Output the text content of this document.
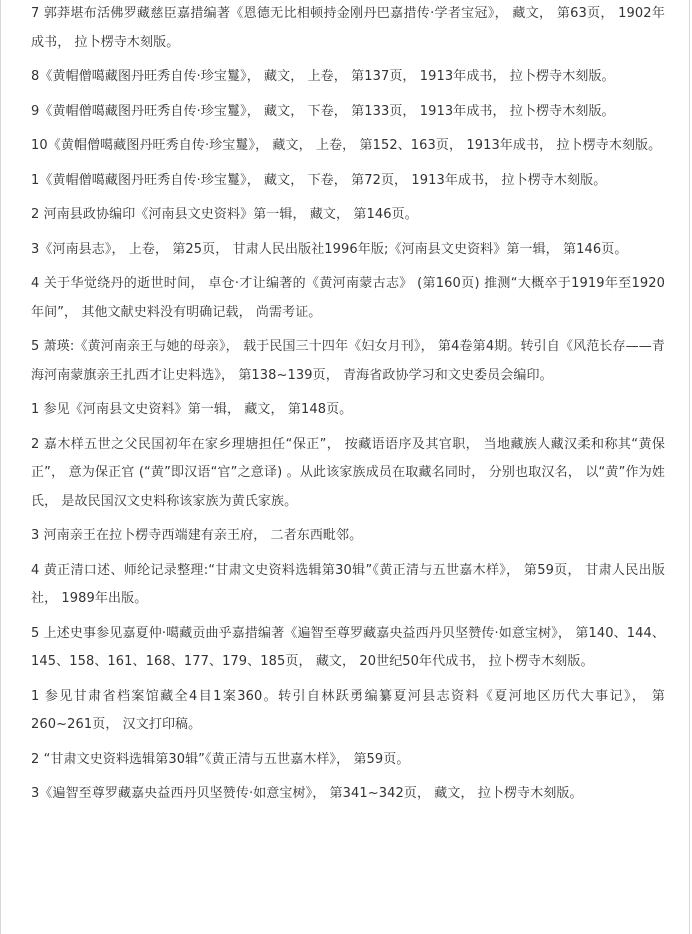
7 郭莽堪布活佛罗藏慈臣嘉措编著《恩德无比相顿持金刚丹巴嘉措传·学者宝冠》， 藏文， 第63页， 1902年成书， 拉卜楞寺木刻版。

8《黄帽僧噶藏图丹旺秀自传·珍宝鬘》， 藏文， 上卷， 第137页， 1913年成书， 拉卜楞寺木刻版。

9《黄帽僧噶藏图丹旺秀自传·珍宝鬘》， 藏文， 下卷， 第133页， 1913年成书， 拉卜楞寺木刻版。

10《黄帽僧噶藏图丹旺秀自传·珍宝鬘》， 藏文， 上卷， 第152、163页， 1913年成书， 拉卜楞寺木刻版。

1《黄帽僧噶藏图丹旺秀自传·珍宝鬘》， 藏文， 下卷， 第72页， 1913年成书， 拉卜楞寺木刻版。

2 河南县政协编印《河南县文史资料》第一辑， 藏文， 第146页。

3《河南县志》， 上卷， 第25页， 甘肃人民出版社1996年版;《河南县文史资料》第一辑， 第146页。

4 关于华觉绕丹的逝世时间， 卓仓·才让编著的《黄河南蒙古志》 (第160页) 推测“大概卒于1919年至1920年间”， 其他文献史料没有明确记载， 尚需考证。

5 萧瑛:《黄河南亲王与她的母亲》， 载于民国三十四年《妇女月刊》， 第4卷第4期。转引自《风范长存——青海河南蒙旗亲王扎西才让史料选》， 第138~139页， 青海省政协学习和文史委员会编印。

1 参见《河南县文史资料》第一辑， 藏文， 第148页。

2 嘉木样五世之父民国初年在家乡理塘担任“保正”， 按藏语语序及其官职， 当地藏族人藏汉柔和称其“黄保正”， 意为保正官 (“黄”即汉语“官”之意译) 。从此该家族成员在取藏名同时， 分别也取汉名， 以“黄”作为姓氏， 是故民国汉文史料称该家族为黄氏家族。

3 河南亲王在拉卜楞寺西端建有亲王府， 二者东西毗邻。

4 黄正清口述、师纶记录整理:“甘肃文史资料选辑第30辑”《黄正清与五世嘉木样》， 第59页， 甘肃人民出版社， 1989年出版。

5 上述史事参见嘉夏仲·噶藏贡曲乎嘉措编著《遍智至尊罗藏嘉央益西丹贝坚赞传·如意宝树》， 第140、144、145、158、161、168、177、179、185页， 藏文， 20世纪50年代成书， 拉卜楞寺木刻版。

1 参见甘肃省档案馆藏全4目1案360。转引自林跃勇编纂夏河县志资料《夏河地区历代大事记》， 第260~261页， 汉文打印稿。

2 “甘肃文史资料选辑第30辑”《黄正清与五世嘉木样》， 第59页。

3《遍智至尊罗藏嘉央益西丹贝坚赞传·如意宝树》， 第341~342页， 藏文， 拉卜楞寺木刻版。
